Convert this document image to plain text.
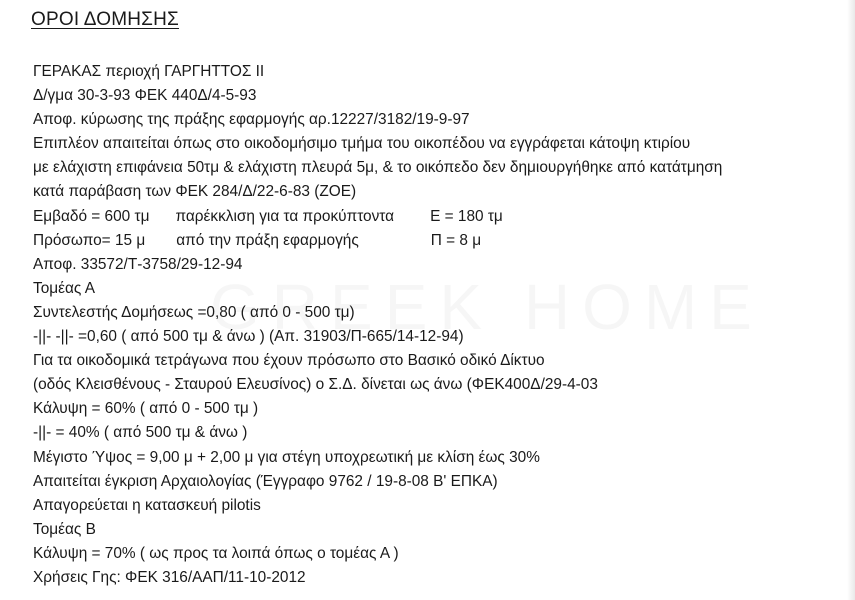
ΟΡΟΙ ΔΟΜΗΣΗΣ
ΓΕΡΑΚΑΣ περιοχή ΓΑΡΓΗΤΤΟΣ ΙΙ
Δ/γμα 30-3-93 ΦΕΚ 440Δ/4-5-93
Αποφ. κύρωσης της πράξης εφαρμογής αρ.12227/3182/19-9-97
Επιπλέον απαιτείται όπως στο οικοδομήσιμο τμήμα του οικοπέδου να εγγράφεται κάτοψη κτιρίου
με ελάχιστη επιφάνεια 50τμ & ελάχιστη πλευρά 5μ, & το οικόπεδο δεν δημιουργήθηκε από κατάτμηση
κατά παράβαση των ΦΕΚ 284/Δ/22-6-83 (ΖΟΕ)
Εμβαδό = 600 τμ παρέκκλιση για τα προκύπτοντα Ε = 180 τμ
Πρόσωπο= 15 μ από την πράξη εφαρμογής	Π = 8 μ
Αποφ. 33572/Τ-3758/29-12-94
Τομέας Α
Συντελεστής Δομήσεως =0,80 ( από 0 - 500 τμ)
-||- -||- =0,60 ( από 500 τμ & άνω ) (Απ. 31903/Π-665/14-12-94)
Για τα οικοδομικά τετράγωνα που έχουν πρόσωπο στο Βασικό οδικό Δίκτυο
(οδός Κλεισθένους - Σταυρού Ελευσίνος) ο Σ.Δ. δίνεται ως άνω (ΦΕΚ400Δ/29-4-03
Κάλυψη = 60% ( από 0 - 500 τμ )
-||- = 40% ( από 500 τμ & άνω )
Μέγιστο Ύψος = 9,00 μ + 2,00 μ για στέγη υποχρεωτική με κλίση έως 30%
Απαιτείται έγκριση Αρχαιολογίας (Έγγραφο 9762 / 19-8-08 Β' ΕΠΚΑ)
Απαγορεύεται η κατασκευή pilotis
Τομέας Β
Κάλυψη = 70% ( ως προς τα λοιπά όπως ο τομέας Α )
Χρήσεις Γης: ΦΕΚ 316/ΑΑΠ/11-10-2012
